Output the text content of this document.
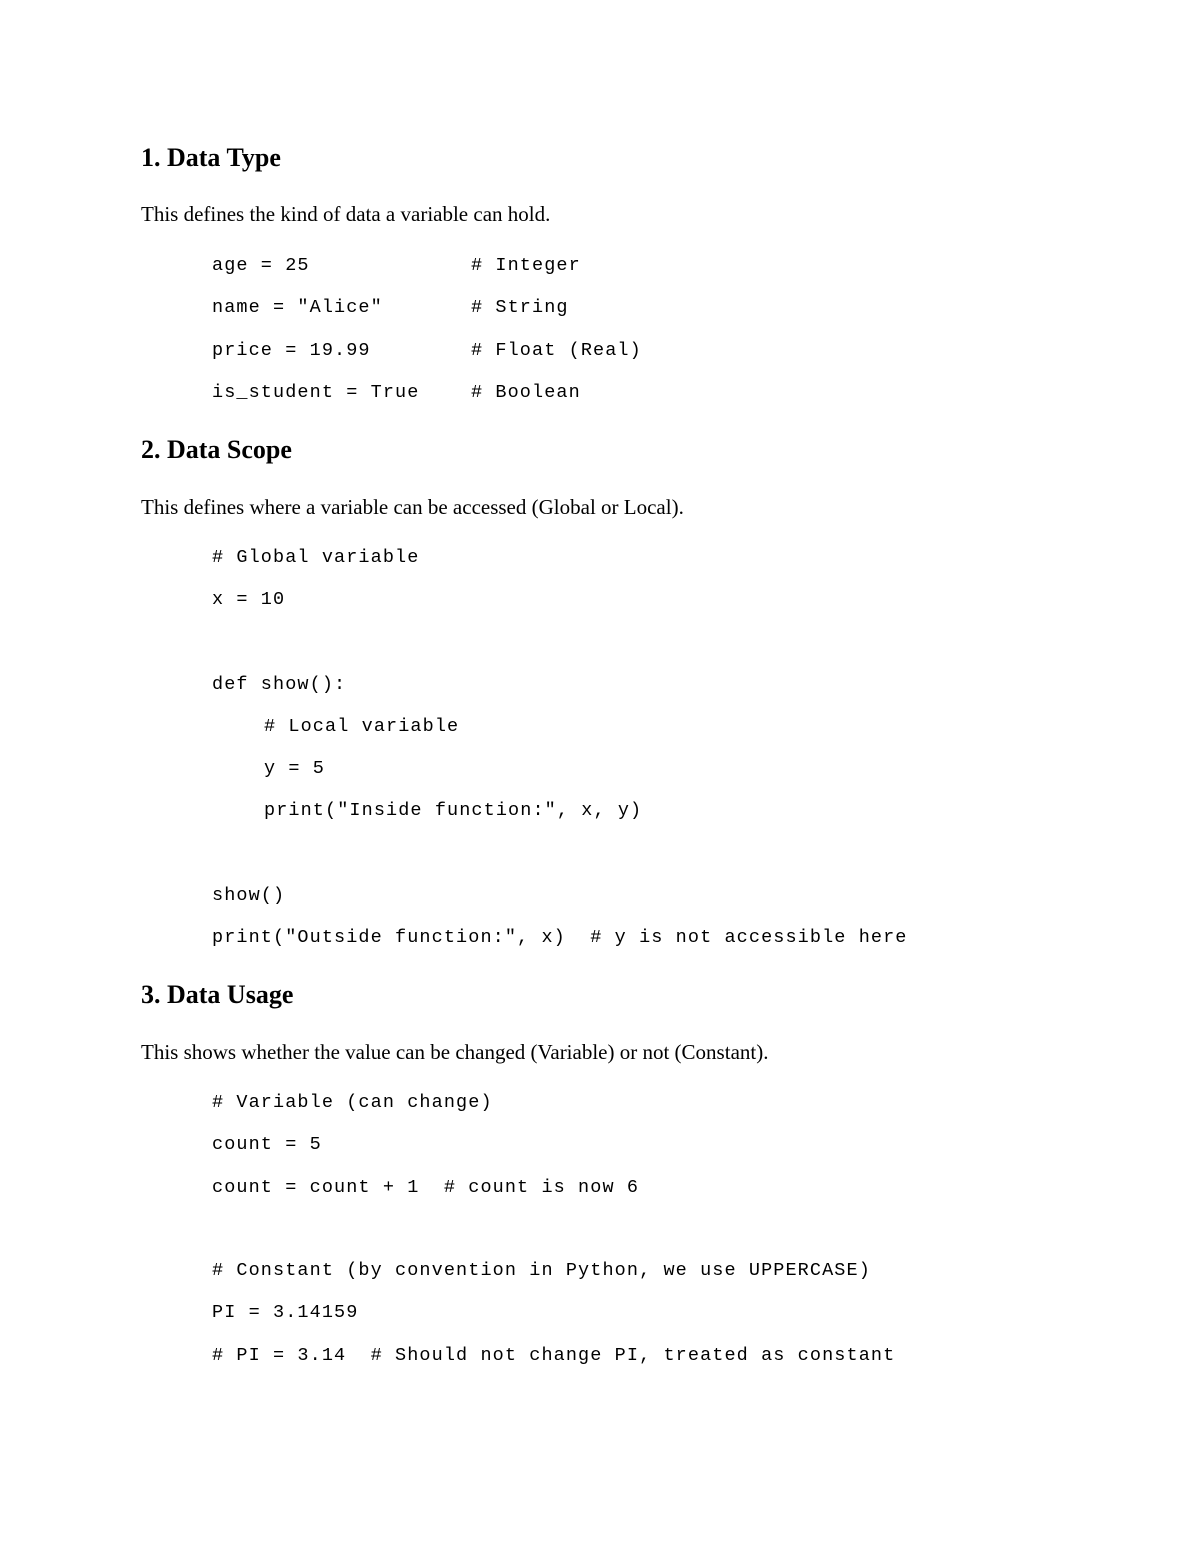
1. Data Type

This defines the kind of data a variable can hold.

age = 25	# Integer
name = "Alice"	# String
price = 19.99	# Float (Real)
is_student = True	# Boolean
2. Data Scope

This defines where a variable can be accessed (Global or Local).

# Global variable
x = 10
def show():
# Local variable
y = 5
print("Inside function:", x, y)
show()
print("Outside function:", x)  # y is not accessible here
3. Data Usage

This shows whether the value can be changed (Variable) or not (Constant).

# Variable (can change)
count = 5
count = count + 1  # count is now 6
# Constant (by convention in Python, we use UPPERCASE)
PI = 3.14159
# PI = 3.14  # Should not change PI, treated as constant
